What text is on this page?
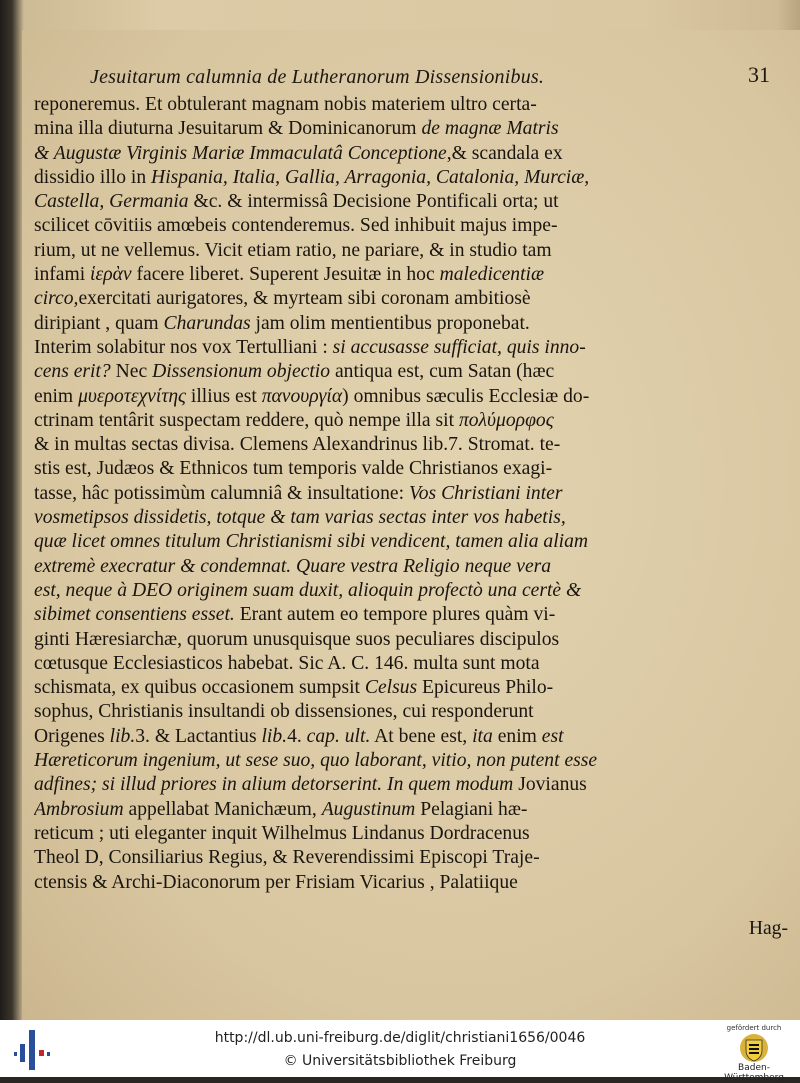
Jesuitarum calumnia de Lutheranorum Dissensionibus.	31
reponeremus. Et obtulerant magnam nobis materiem ultro certa-
mina illa diuturna Jesuitarum & Dominicanorum de magnæ Matris
& Augustæ Virginis Mariæ Immaculatâ Conceptione,& scandala ex
dissidio illo in Hispania, Italia, Gallia, Arragonia, Catalonia, Murciæ,
Castella, Germania &c. & intermissâ Decisione Pontificali orta; ut
scilicet cōvitiis amœbeis contenderemus. Sed inhibuit majus impe-
rium, ut ne vellemus. Vicit etiam ratio, ne pariare, & in studio tam
infami ἱερὰν facere liberet. Superent Jesuitæ in hoc maledicentiæ
circo,exercitati aurigatores, & myrteam sibi coronam ambitiosè
diripiant , quam Charundas jam olim mentientibus proponebat.
Interim solabitur nos vox Tertulliani : si accusasse sufficiat, quis inno-
cens erit? Nec Dissensionum objectio antiqua est, cum Satan (hæc
enim μυεροτεχνίτης illius est πανουργία) omnibus sæculis Ecclesiæ do-
ctrinam tentârit suspectam reddere, quò nempe illa sit πολύμορφος
& in multas sectas divisa. Clemens Alexandrinus lib.7. Stromat. te-
stis est, Judæos & Ethnicos tum temporis valde Christianos exagi-
tasse, hâc potissimùm calumniâ & insultatione: Vos Christiani inter
vosmetipsos dissidetis, totque & tam varias sectas inter vos habetis,
quæ licet omnes titulum Christianismi sibi vendicent, tamen alia aliam
extremè execratur & condemnat. Quare vestra Religio neque vera
est, neque à DEO originem suam duxit, alioquin profectò una certè &
sibimet consentiens esset. Erant autem eo tempore plures quàm vi-
ginti Hæresiarchæ, quorum unusquisque suos peculiares discipulos
cœtusque Ecclesiasticos habebat. Sic A. C. 146. multa sunt mota
schismata, ex quibus occasionem sumpsit Celsus Epicureus Philo-
sophus, Christianis insultandi ob dissensiones, cui responderunt
Origenes lib.3. & Lactantius lib.4. cap. ult. At bene est, ita enim est
Hæreticorum ingenium, ut sese suo, quo laborant, vitio, non putent esse
adfines; si illud priores in alium detorserint. In quem modum Jovianus
Ambrosium appellabat Manichæum, Augustinum Pelagiani hæ-
reticum ; uti eleganter inquit Wilhelmus Lindanus Dordracenus
Theol D, Consiliarius Regius, & Reverendissimi Episcopi Traje-
ctensis & Archi-Diaconorum per Frisiam Vicarius , Palatiique
Hag-
http://dl.ub.uni-freiburg.de/diglit/christiani1656/0046
© Universitätsbibliothek Freiburg
gefördert durch
Baden-Württemberg
